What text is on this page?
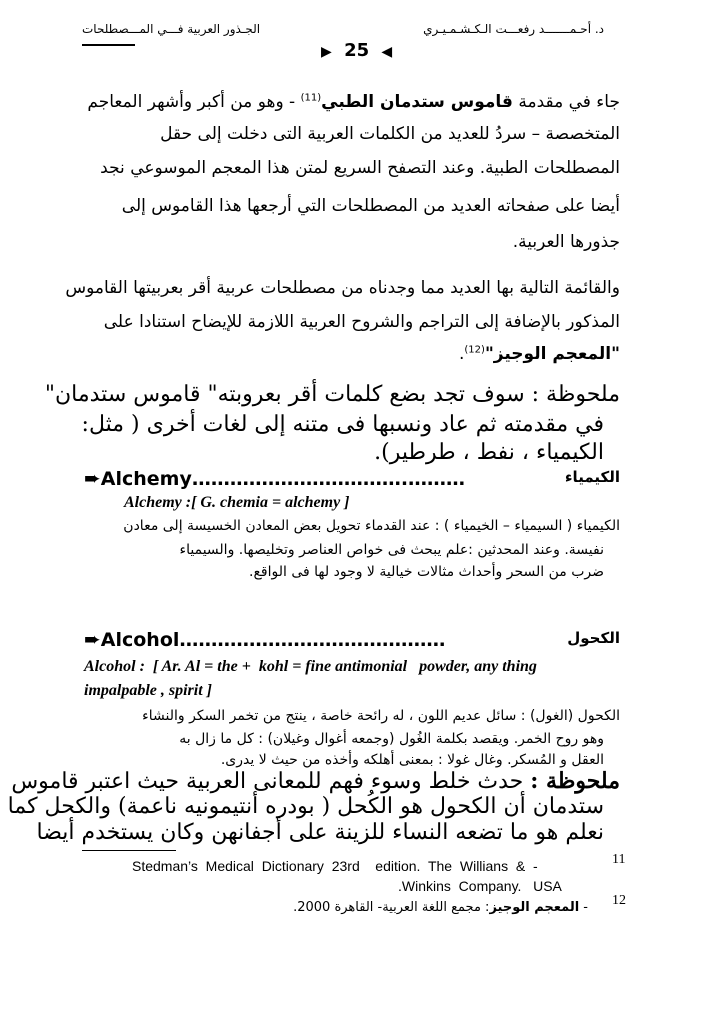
د. أحـمـــــــد رفعـــت الـكـشـمـيـري
الجـذور العربية فـــي المـــصطلحات
▶ 25 ◀
جاء في مقدمة قاموس ستدمان الطبي$^{(11)}$ - وهو من أكبر وأشهر المعاجم
المتخصصة – سردُ للعديد من الكلمات العربية التى دخلت إلى حقل
المصطلحات الطبية. وعند التصفح السريع لمتن هذا المعجم الموسوعي نجد
أيضا على صفحاته العديد من المصطلحات التي أرجعها هذا القاموس إلى
جذورها العربية.
والقائمة التالية بها العديد مما وجدناه من مصطلحات عربية أقر بعربيتها القاموس
المذكور بالإضافة إلى التراجم والشروح العربية اللازمة للإيضاح استنادا على
"المعجم الوجيز"$^{(12)}$.
ملحوظة : سوف تجد بضع كلمات أقر بعروبته" قاموس ستدمان"
في مقدمته ثم عاد ونسبها فى متنه إلى لغات أخرى ( مثل:
الكيمياء ، نفط ، طرطير).
➨Alchemy…………………………….………	الكيمياء
Alchemy :[ G. chemia = alchemy ]
الكيمياء ( السيمياء – الخيمياء ) : عند القدماء تحويل بعض المعادن الخسيسة إلى معادن
نفيسة. وعند المحدثين :علم يبحث فى خواص العناصر وتخليصها. والسيمياء
ضرب من السحر وأحداث مثالات خيالية لا وجود لها فى الواقع.
➨Alcohol……………………………………	الكحول
Alcohol :  [ Ar. Al = the +  kohl = fine antimonial   powder, any thing
impalpable , spirit ]
الكحول (الغول) : سائل عديم اللون ، له رائحة خاصة ، ينتج من تخمر السكر والنشاء
وهو روح الخمر. ويقصد بكلمة الغُول (وجمعه أغوال وغيلان) : كل ما زال به
العقل و المُسكر. وغال غولا : بمعنى أهلكه وأخذه من حيث لا يدرى.
ملحوظة : حدث خلط وسوء فهم للمعانى العربية حيث اعتبر قاموس
ستدمان أن الكحول هو الكُحل ( بودره أنتيمونيه ناعمة) والكحل كما
نعلم هو ما تضعه النساء للزينة على أجفانهن وكان يستخدم أيضا
11
Stedman’s  Medical  Dictionary  23rd    edition.  The  Willians  &  -
.Winkins  Company.   USA
12
- المعجم الوجيز: مجمع اللغة العربية- القاهرة 2000.
